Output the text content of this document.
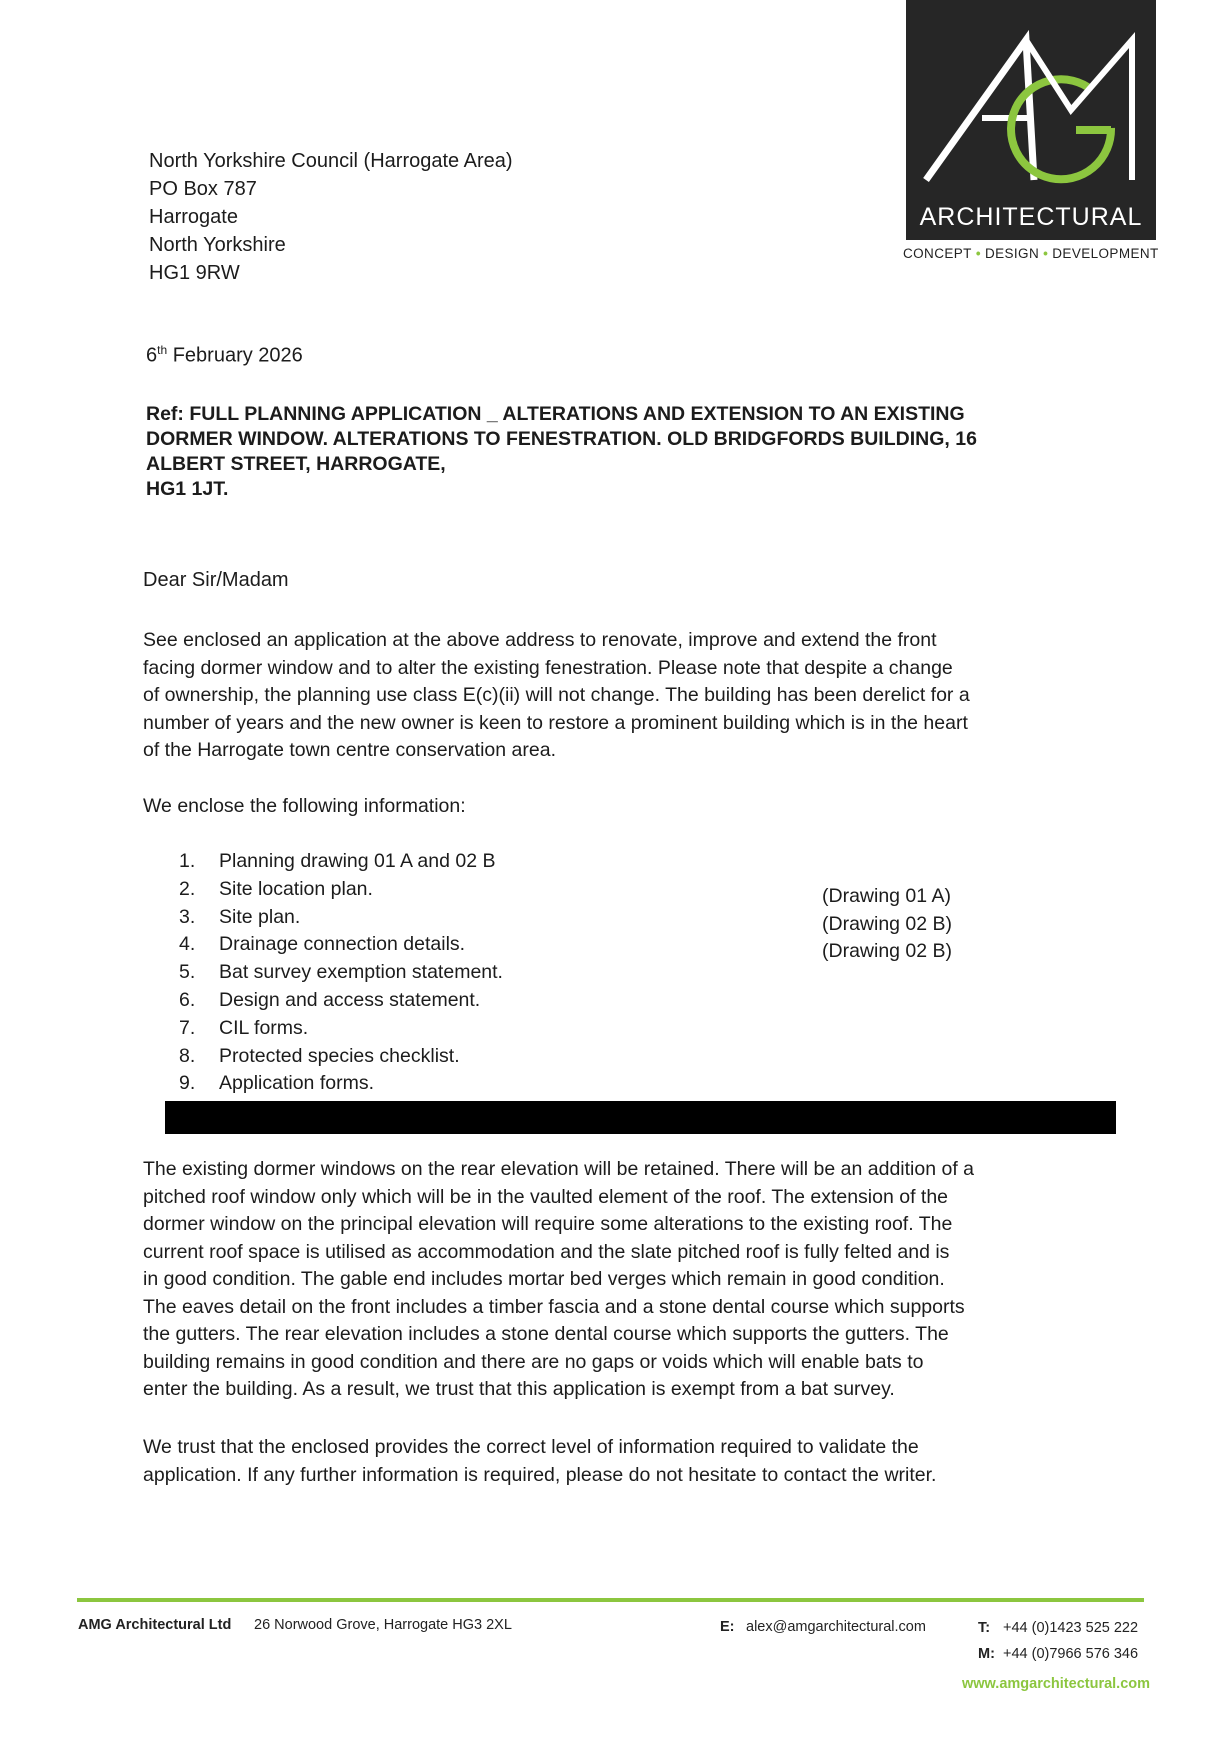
ARCHITECTURAL
CONCEPT • DESIGN • DEVELOPMENT
North Yorkshire Council (Harrogate Area)
PO Box 787
Harrogate
North Yorkshire
HG1 9RW
6th February 2026
Ref: FULL PLANNING APPLICATION _ ALTERATIONS AND EXTENSION TO AN EXISTING
DORMER WINDOW. ALTERATIONS TO FENESTRATION. OLD BRIDGFORDS BUILDING, 16
ALBERT STREET, HARROGATE,
HG1 1JT.
Dear Sir/Madam
See enclosed an application at the above address to renovate, improve and extend the front
facing dormer window and to alter the existing fenestration. Please note that despite a change
of ownership, the planning use class E(c)(ii) will not change. The building has been derelict for a
number of years and the new owner is keen to restore a prominent building which is in the heart
of the Harrogate town centre conservation area.
We enclose the following information:
1. Planning drawing 01 A and 02 B
2. Site location plan.
3. Site plan.
4. Drainage connection details.
5. Bat survey exemption statement.
6. Design and access statement.
7. CIL forms.
8. Protected species checklist.
9. Application forms.
(Drawing 01 A)
(Drawing 02 B)
(Drawing 02 B)
The existing dormer windows on the rear elevation will be retained. There will be an addition of a
pitched roof window only which will be in the vaulted element of the roof. The extension of the
dormer window on the principal elevation will require some alterations to the existing roof. The
current roof space is utilised as accommodation and the slate pitched roof is fully felted and is
in good condition. The gable end includes mortar bed verges which remain in good condition.
The eaves detail on the front includes a timber fascia and a stone dental course which supports
the gutters. The rear elevation includes a stone dental course which supports the gutters. The
building remains in good condition and there are no gaps or voids which will enable bats to
enter the building. As a result, we trust that this application is exempt from a bat survey.
We trust that the enclosed provides the correct level of information required to validate the
application. If any further information is required, please do not hesitate to contact the writer.
AMG Architectural Ltd 26 Norwood Grove, Harrogate HG3 2XL	E: alex@amgarchitectural.com	T: +44 (0)1423 525 222
M: +44 (0)7966 576 346
www.amgarchitectural.com
